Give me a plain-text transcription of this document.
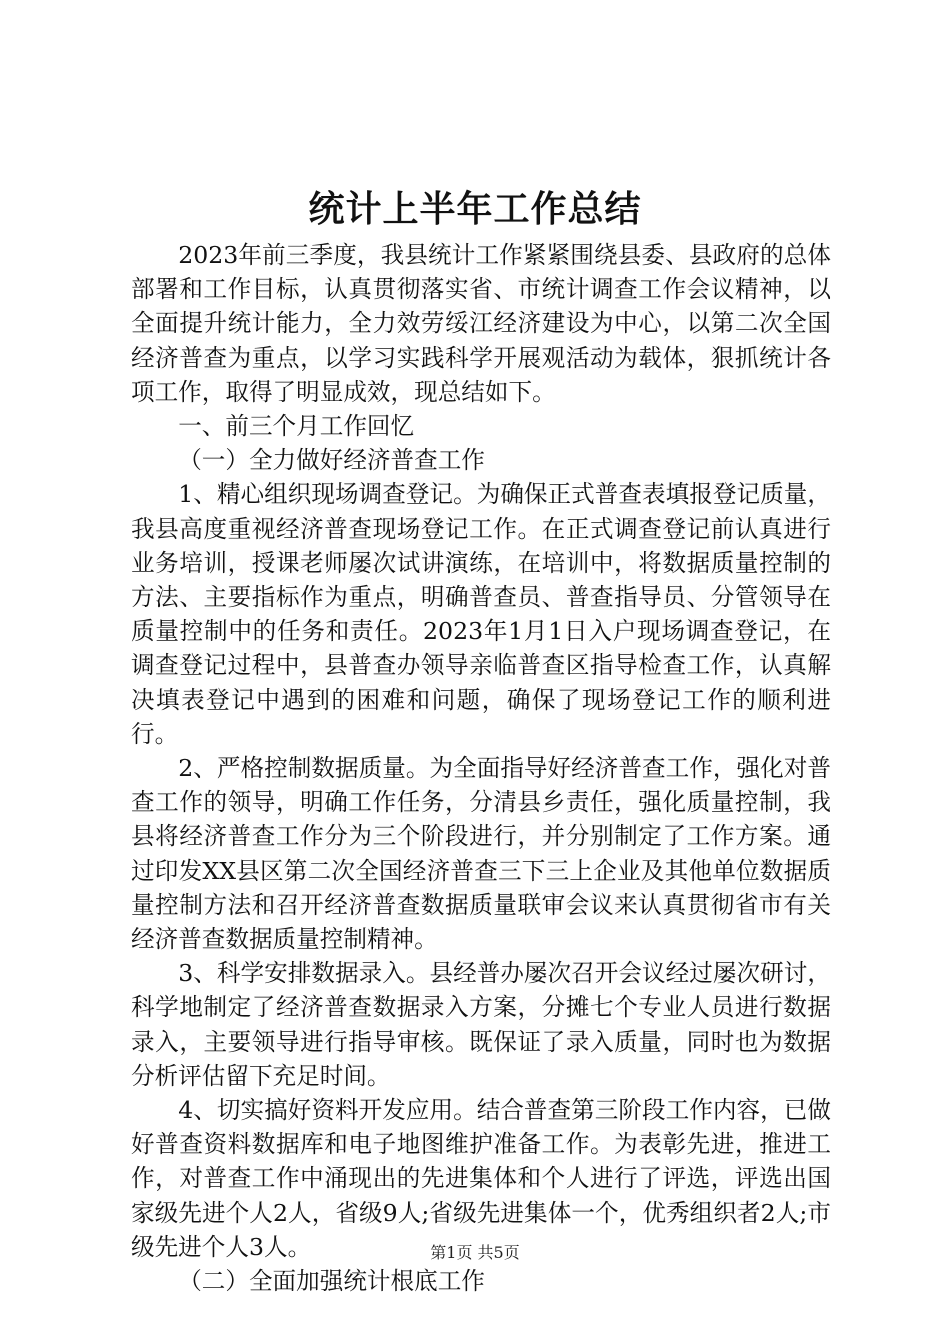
统计上半年工作总结

2023年前三季度，我县统计工作紧紧围绕县委、县政府的总体部署和工作目标，认真贯彻落实省、市统计调查工作会议精神，以全面提升统计能力，全力效劳绥江经济建设为中心，以第二次全国经济普查为重点，以学习实践科学开展观活动为载体，狠抓统计各项工作，取得了明显成效，现总结如下。

一、前三个月工作回忆

（一）全力做好经济普查工作

1、精心组织现场调查登记。为确保正式普查表填报登记质量，我县高度重视经济普查现场登记工作。在正式调查登记前认真进行业务培训，授课老师屡次试讲演练，在培训中，将数据质量控制的方法、主要指标作为重点，明确普查员、普查指导员、分管领导在质量控制中的任务和责任。2023年1月1日入户现场调查登记，在调查登记过程中，县普查办领导亲临普查区指导检查工作，认真解决填表登记中遇到的困难和问题，确保了现场登记工作的顺利进行。

2、严格控制数据质量。为全面指导好经济普查工作，强化对普查工作的领导，明确工作任务，分清县乡责任，强化质量控制，我县将经济普查工作分为三个阶段进行，并分别制定了工作方案。通过印发XX县区第二次全国经济普查三下三上企业及其他单位数据质量控制方法和召开经济普查数据质量联审会议来认真贯彻省市有关经济普查数据质量控制精神。

3、科学安排数据录入。县经普办屡次召开会议经过屡次研讨，科学地制定了经济普查数据录入方案，分摊七个专业人员进行数据录入，主要领导进行指导审核。既保证了录入质量，同时也为数据分析评估留下充足时间。

4、切实搞好资料开发应用。结合普查第三阶段工作内容，已做好普查资料数据库和电子地图维护准备工作。为表彰先进，推进工作，对普查工作中涌现出的先进集体和个人进行了评选，评选出国家级先进个人2人，省级9人;省级先进集体一个，优秀组织者2人;市级先进个人3人。

（二）全面加强统计根底工作

第1页 共5页
